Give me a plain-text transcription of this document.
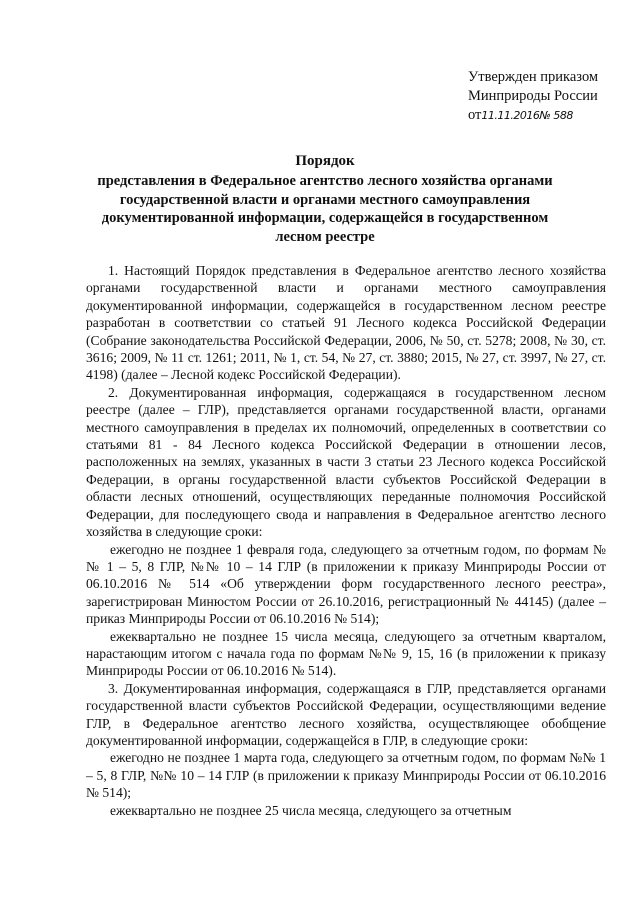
Утвержден приказом
Минприроды России
от11.11.2016№ 588
Порядок
представления в Федеральное агентство лесного хозяйства органами государственной власти и органами местного самоуправления документированной информации, содержащейся в государственном лесном реестре

1. Настоящий Порядок представления в Федеральное агентство лесного хозяйства органами государственной власти и органами местного самоуправления документированной информации, содержащейся в государственном лесном реестре разработан в соответствии со статьей 91 Лесного кодекса Российской Федерации (Собрание законодательства Российской Федерации, 2006, № 50, ст. 5278; 2008, № 30, ст. 3616; 2009, № 11 ст. 1261; 2011, № 1, ст. 54, № 27, ст. 3880; 2015, № 27, ст. 3997, № 27, ст. 4198) (далее – Лесной кодекс Российской Федерации).

2. Документированная информация, содержащаяся в государственном лесном реестре (далее – ГЛР), представляется органами государственной власти, органами местного самоуправления в пределах их полномочий, определенных в соответствии со статьями 81 - 84 Лесного кодекса Российской Федерации в отношении лесов, расположенных на землях, указанных в части 3 статьи 23 Лесного кодекса Российской Федерации, в органы государственной власти субъектов Российской Федерации в области лесных отношений, осуществляющих переданные полномочия Российской Федерации, для последующего свода и направления в Федеральное агентство лесного хозяйства в следующие сроки:

ежегодно не позднее 1 февраля года, следующего за отчетным годом, по формам №№ 1 – 5, 8 ГЛР, №№ 10 – 14 ГЛР (в приложении к приказу Минприроды России от 06.10.2016 № 514 «Об утверждении форм государственного лесного реестра», зарегистрирован Минюстом России от 26.10.2016, регистрационный № 44145) (далее – приказ Минприроды России от 06.10.2016 № 514);

ежеквартально не позднее 15 числа месяца, следующего за отчетным кварталом, нарастающим итогом с начала года по формам №№ 9, 15, 16 (в приложении к приказу Минприроды России от 06.10.2016 № 514).

3. Документированная информация, содержащаяся в ГЛР, представляется органами государственной власти субъектов Российской Федерации, осуществляющими ведение ГЛР, в Федеральное агентство лесного хозяйства, осуществляющее обобщение документированной информации, содержащейся в ГЛР, в следующие сроки:

ежегодно не позднее 1 марта года, следующего за отчетным годом, по формам №№ 1 – 5, 8 ГЛР, №№ 10 – 14 ГЛР (в приложении к приказу Минприроды России от 06.10.2016 № 514);

ежеквартально не позднее 25 числа месяца, следующего за отчетным
